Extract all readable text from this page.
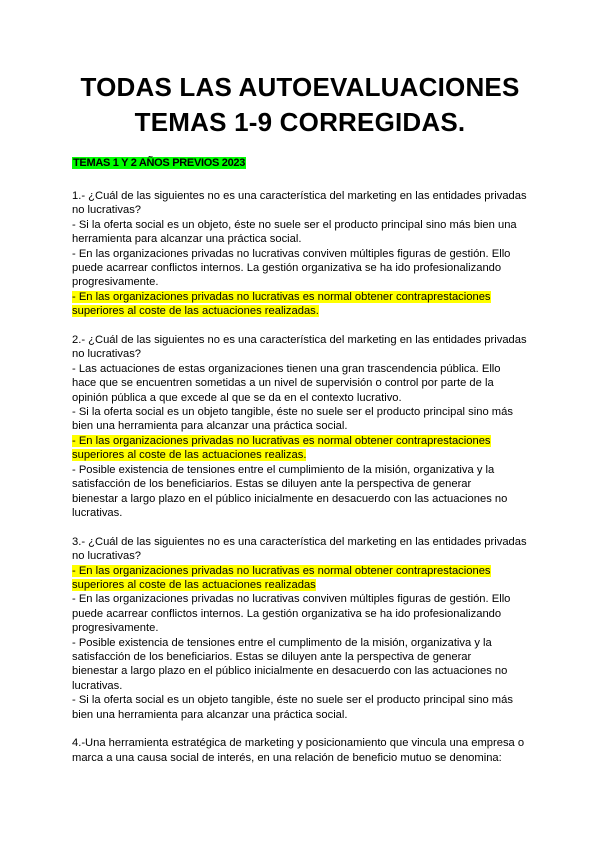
TODAS LAS AUTOEVALUACIONES
TEMAS 1-9 CORREGIDAS.
TEMAS 1 Y 2 AÑOS PREVIOS 2023
1.- ¿Cuál de las siguientes no es una característica del marketing en las entidades privadas
no lucrativas?
- Si la oferta social es un objeto, éste no suele ser el producto principal sino más bien una
herramienta para alcanzar una práctica social.
- En las organizaciones privadas no lucrativas conviven múltiples figuras de gestión. Ello
puede acarrear conflictos internos. La gestión organizativa se ha ido profesionalizando
progresivamente.
- En las organizaciones privadas no lucrativas es normal obtener contraprestaciones
superiores al coste de las actuaciones realizadas.
2.- ¿Cuál de las siguientes no es una característica del marketing en las entidades privadas
no lucrativas?
- Las actuaciones de estas organizaciones tienen una gran trascendencia pública. Ello
hace que se encuentren sometidas a un nivel de supervisión o control por parte de la
opinión pública a que excede al que se da en el contexto lucrativo.
- Si la oferta social es un objeto tangible, éste no suele ser el producto principal sino más
bien una herramienta para alcanzar una práctica social.
- En las organizaciones privadas no lucrativas es normal obtener contraprestaciones
superiores al coste de las actuaciones realizas.
- Posible existencia de tensiones entre el cumplimiento de la misión, organizativa y la
satisfacción de los beneficiarios. Estas se diluyen ante la perspectiva de generar
bienestar a largo plazo en el público inicialmente en desacuerdo con las actuaciones no
lucrativas.
3.- ¿Cuál de las siguientes no es una característica del marketing en las entidades privadas
no lucrativas?
- En las organizaciones privadas no lucrativas es normal obtener contraprestaciones
superiores al coste de las actuaciones realizadas
- En las organizaciones privadas no lucrativas conviven múltiples figuras de gestión. Ello
puede acarrear conflictos internos. La gestión organizativa se ha ido profesionalizando
progresivamente.
- Posible existencia de tensiones entre el cumplimento de la misión, organizativa y la
satisfacción de los beneficiarios. Estas se diluyen ante la perspectiva de generar
bienestar a largo plazo en el público inicialmente en desacuerdo con las actuaciones no
lucrativas.
- Si la oferta social es un objeto tangible, éste no suele ser el producto principal sino más
bien una herramienta para alcanzar una práctica social.
4.-Una herramienta estratégica de marketing y posicionamiento que vincula una empresa o
marca a una causa social de interés, en una relación de beneficio mutuo se denomina:
